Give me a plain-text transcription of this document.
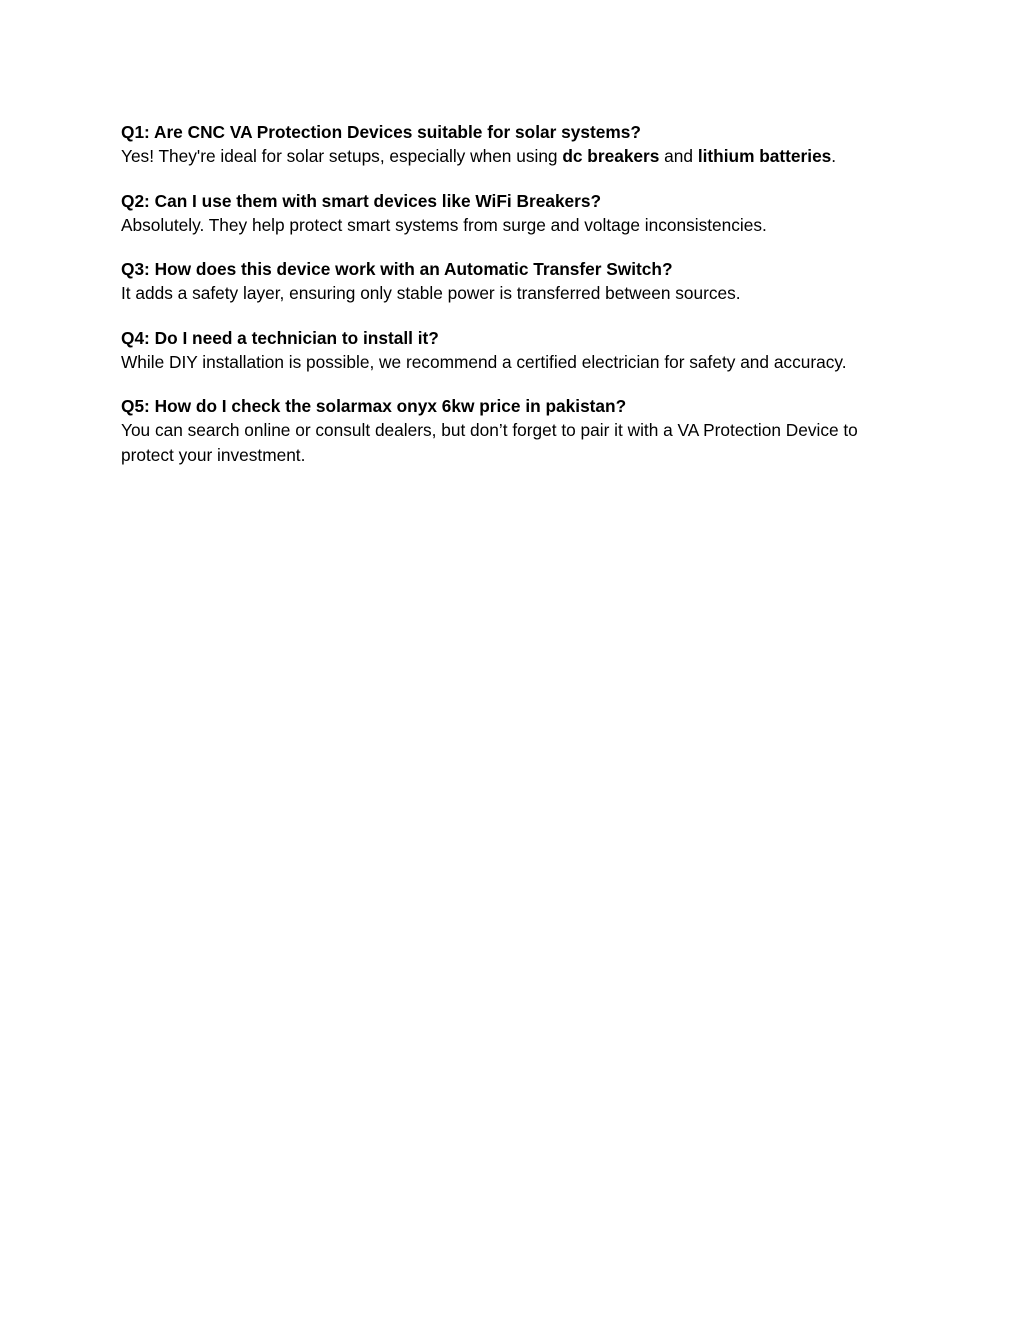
Q1: Are CNC VA Protection Devices suitable for solar systems?
Yes! They're ideal for solar setups, especially when using dc breakers and lithium batteries.
Q2: Can I use them with smart devices like WiFi Breakers?
Absolutely. They help protect smart systems from surge and voltage inconsistencies.
Q3: How does this device work with an Automatic Transfer Switch?
It adds a safety layer, ensuring only stable power is transferred between sources.
Q4: Do I need a technician to install it?
While DIY installation is possible, we recommend a certified electrician for safety and accuracy.
Q5: How do I check the solarmax onyx 6kw price in pakistan?
You can search online or consult dealers, but don’t forget to pair it with a VA Protection Device to protect your investment.
